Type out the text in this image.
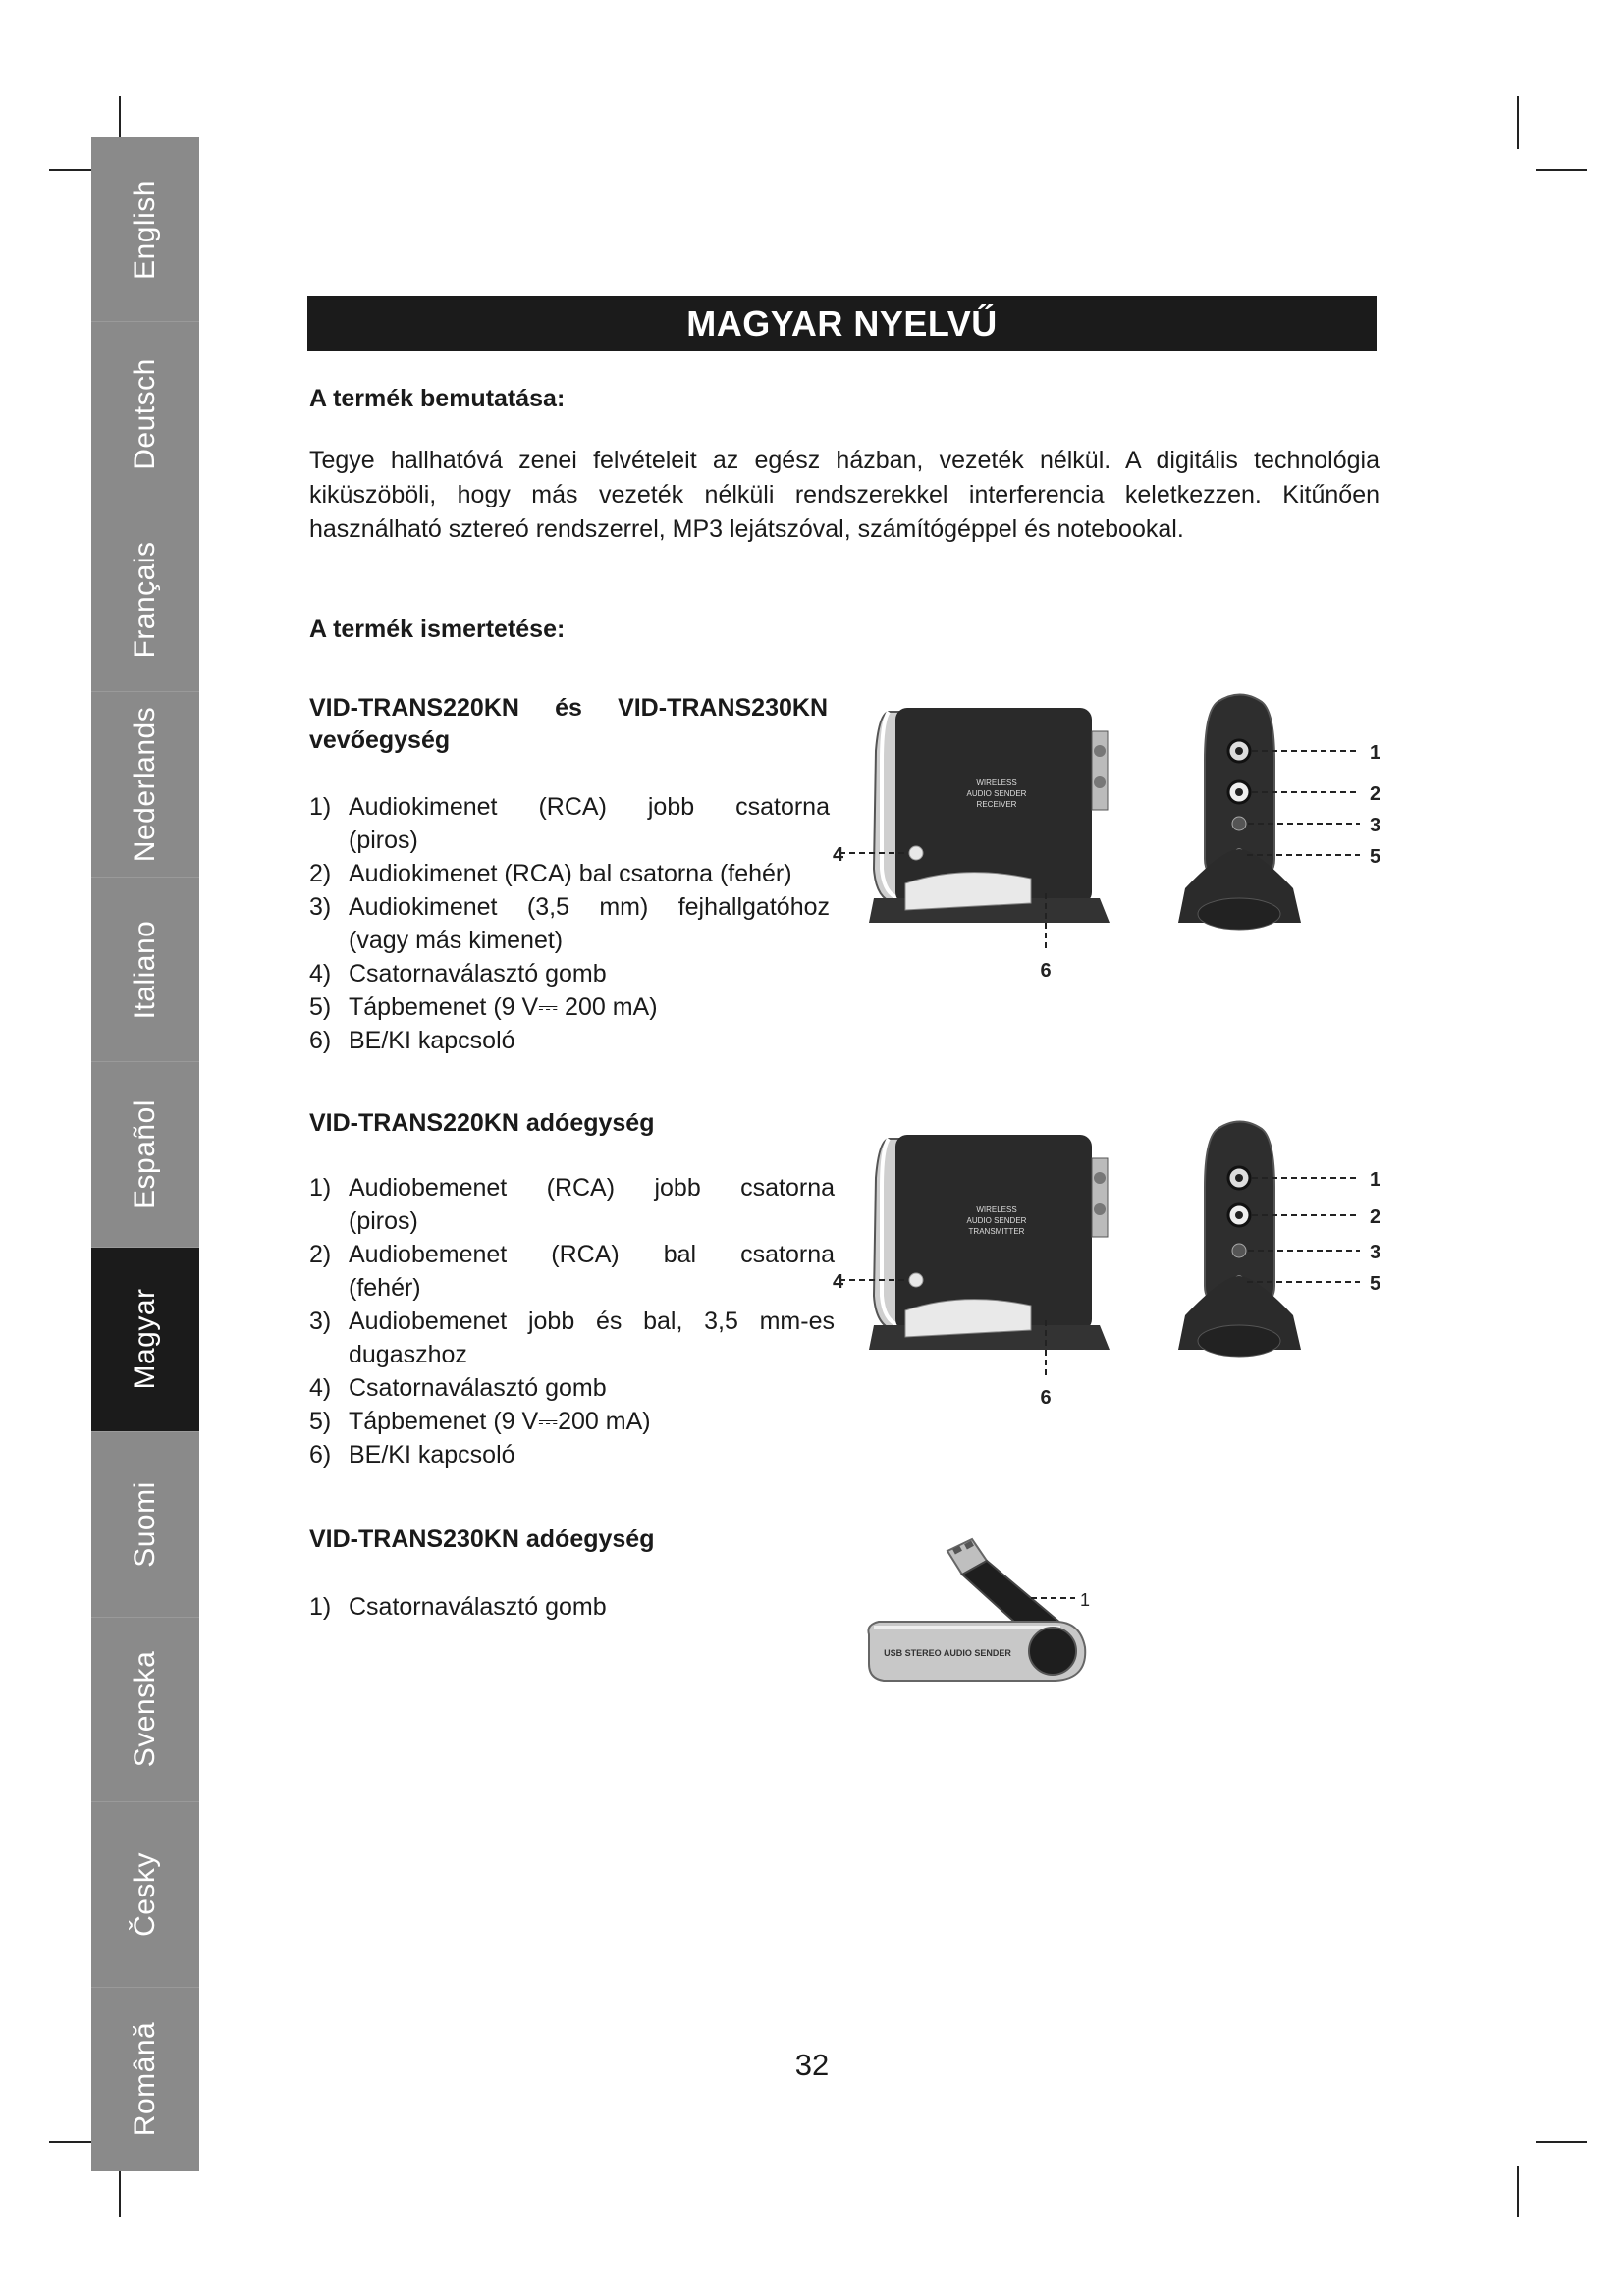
English
Deutsch
Français
Nederlands
Italiano
Español
Magyar
Suomi
Svenska
Česky
Română
MAGYAR NYELVŰ
A termék bemutatása:
Tegye hallhatóvá zenei felvételeit az egész házban, vezeték nélkül. A digitális technológia
kiküszöböli, hogy más vezeték nélküli rendszerekkel interferencia keletkezzen. Kitűnően
használható sztereó rendszerrel, MP3 lejátszóval, számítógéppel és notebookal.
A termék ismertetése:
VID-TRANS220KN és VID-TRANS230KN
vevőegység
1) Audiokimenet (RCA) jobb csatorna
(piros)
2) Audiokimenet (RCA) bal csatorna (fehér)
3) Audiokimenet (3,5 mm) fejhallgatóhoz
(vagy más kimenet)
4) Csatornaválasztó gomb
5) Tápbemenet (9 V⎓ 200 mA)
6) BE/KI kapcsoló
WIRELESS
AUDIO SENDER
RECEIVER
4
6
1
2
3
5
VID-TRANS220KN adóegység
1) Audiobemenet (RCA) jobb csatorna
(piros)
2) Audiobemenet (RCA) bal csatorna
(fehér)
3) Audiobemenet jobb és bal, 3,5 mm-es
dugaszhoz
4) Csatornaválasztó gomb
5) Tápbemenet (9 V⎓200 mA)
6) BE/KI kapcsoló
WIRELESS
AUDIO SENDER
TRANSMITTER
4
6
1
2
3
5
VID-TRANS230KN adóegység
1) Csatornaválasztó gomb
USB STEREO AUDIO SENDER
1
32
